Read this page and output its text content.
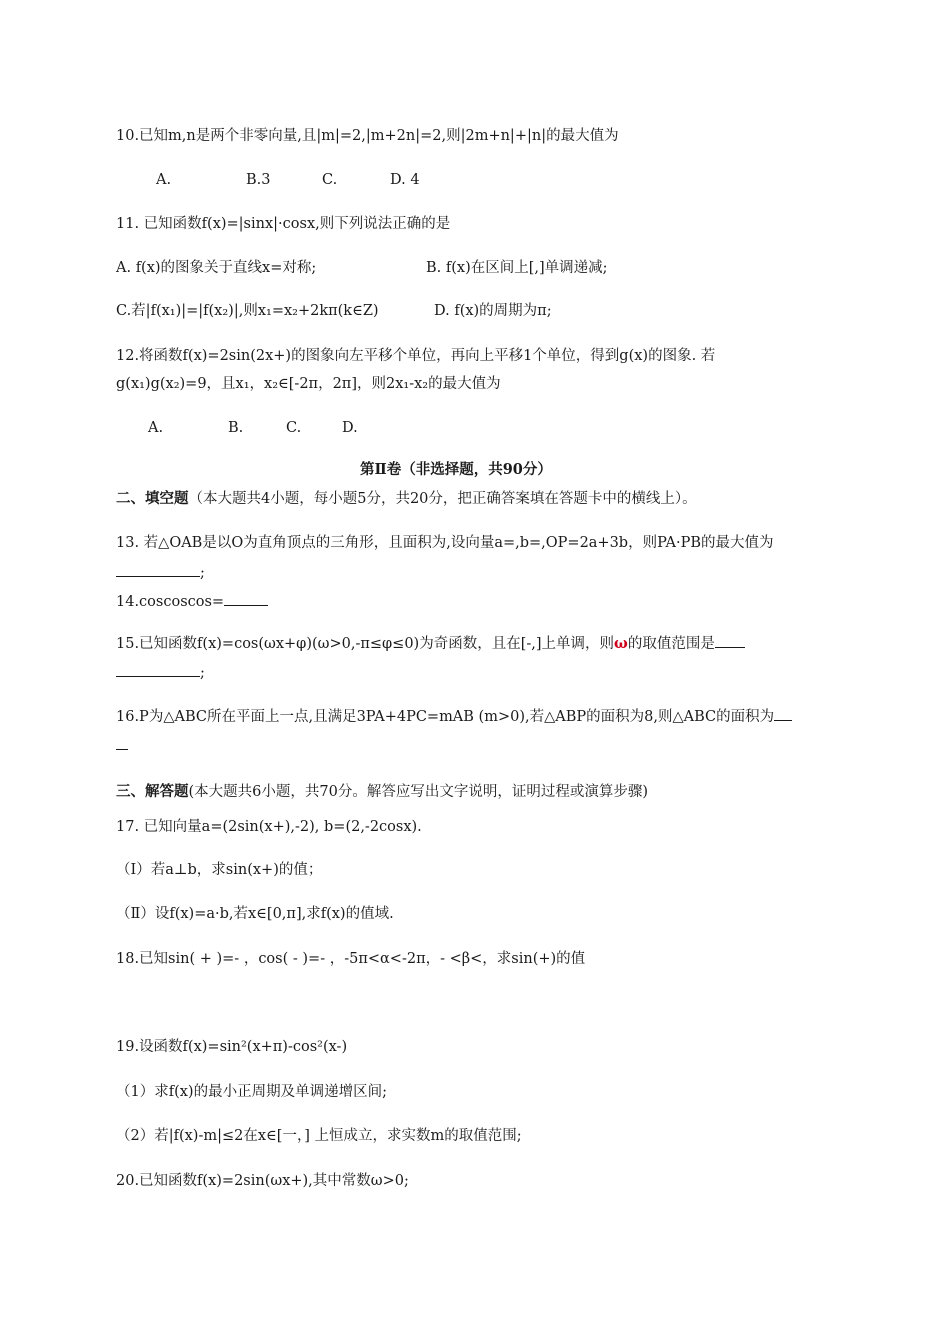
10.已知m,n是两个非零向量,且|m|=2,|m+2n|=2,则|2m+n|+|n|的最大值为
A.	B.3	C.	D. 4
11. 已知函数f(x)=|sinx|·cosx,则下列说法正确的是
A. f(x)的图象关于直线x=对称;	B. f(x)在区间上[,]单调递减;
C.若|f(x₁)|=|f(x₂)|,则x₁=x₂+2kπ(k∈Z)	D. f(x)的周期为π;
12.将函数f(x)=2sin(2x+)的图象向左平移个单位，再向上平移1个单位，得到g(x)的图象. 若
g(x₁)g(x₂)=9，且x₁，x₂∈[-2π，2π]，则2x₁-x₂的最大值为
A.	B.	C.	D.
第Ⅱ卷（非选择题，共90分）
二、填空题（本大题共4小题，每小题5分，共20分，把正确答案填在答题卡中的横线上）。
13. 若△OAB是以O为直角顶点的三角形，且面积为,设向量a=,b=,OP=2a+3b，则PA·PB的最大值为
;
14.coscoscos=
15.已知函数f(x)=cos(ωx+φ)(ω>0,-π≤φ≤0)为奇函数，且在[-,]上单调，则ω的取值范围是
;
16.P为△ABC所在平面上一点,且满足3PA+4PC=mAB (m>0),若△ABP的面积为8,则△ABC的面积为
三、解答题(本大题共6小题，共70分。解答应写出文字说明，证明过程或演算步骤)
17. 已知向量a=(2sin(x+),-2), b=(2,-2cosx).
（I）若a⊥b，求sin(x+)的值；
（Ⅱ）设f(x)=a·b,若x∈[0,π],求f(x)的值域.
18.已知sin( + )=- ，cos( - )=- ，-5π<α<-2π，- <β<，求sin(+)的值
19.设函数f(x)=sin²(x+π)-cos²(x-)
（1）求f(x)的最小正周期及单调递增区间;
（2）若|f(x)-m|≤2在x∈[一，] 上恒成立，求实数m的取值范围;
20.已知函数f(x)=2sin(ωx+),其中常数ω>0;
